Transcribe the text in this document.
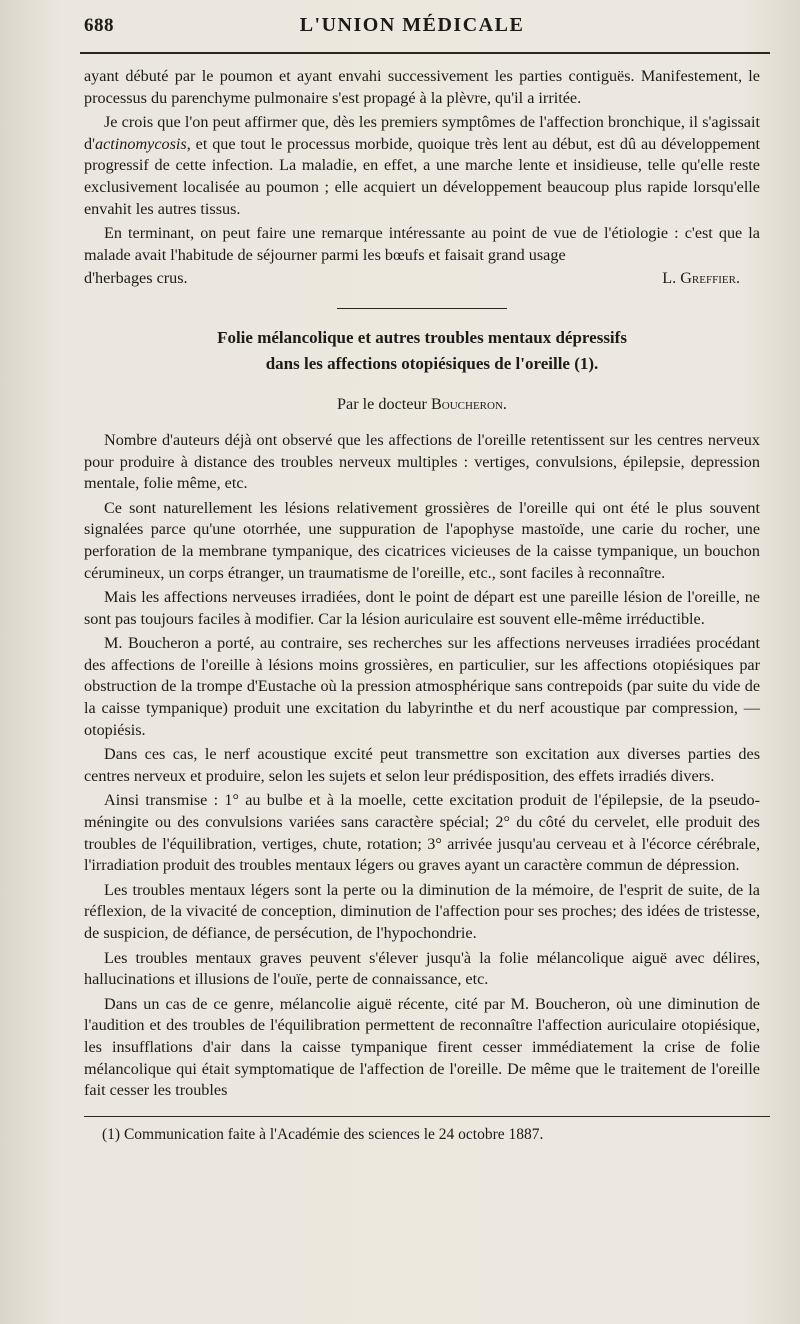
688	L'UNION MÉDICALE

ayant débuté par le poumon et ayant envahi successivement les parties contiguës. Manifestement, le processus du parenchyme pulmonaire s'est propagé à la plèvre, qu'il a irritée.

Je crois que l'on peut affirmer que, dès les premiers symptômes de l'affection bronchique, il s'agissait d'actinomycosis, et que tout le processus morbide, quoique très lent au début, est dû au développement progressif de cette infection. La maladie, en effet, a une marche lente et insidieuse, telle qu'elle reste exclusivement localisée au poumon ; elle acquiert un développement beaucoup plus rapide lorsqu'elle envahit les autres tissus.

En terminant, on peut faire une remarque intéressante au point de vue de l'étiologie : c'est que la malade avait l'habitude de séjourner parmi les bœufs et faisait grand usage

d'herbages crus.	L. Greffier.
Folie mélancolique et autres troubles mentaux dépressifs
dans les affections otopiésiques de l'oreille (1).
Par le docteur Boucheron.

Nombre d'auteurs déjà ont observé que les affections de l'oreille retentissent sur les centres nerveux pour produire à distance des troubles nerveux multiples : vertiges, convulsions, épilepsie, depression mentale, folie même, etc.

Ce sont naturellement les lésions relativement grossières de l'oreille qui ont été le plus souvent signalées parce qu'une otorrhée, une suppuration de l'apophyse mastoïde, une carie du rocher, une perforation de la membrane tympanique, des cicatrices vicieuses de la caisse tympanique, un bouchon cérumineux, un corps étranger, un traumatisme de l'oreille, etc., sont faciles à reconnaître.

Mais les affections nerveuses irradiées, dont le point de départ est une pareille lésion de l'oreille, ne sont pas toujours faciles à modifier. Car la lésion auriculaire est souvent elle-même irréductible.

M. Boucheron a porté, au contraire, ses recherches sur les affections nerveuses irradiées procédant des affections de l'oreille à lésions moins grossières, en particulier, sur les affections otopiésiques par obstruction de la trompe d'Eustache où la pression atmosphérique sans contrepoids (par suite du vide de la caisse tympanique) produit une excitation du labyrinthe et du nerf acoustique par compression, — otopiésis.

Dans ces cas, le nerf acoustique excité peut transmettre son excitation aux diverses parties des centres nerveux et produire, selon les sujets et selon leur prédisposition, des effets irradiés divers.

Ainsi transmise : 1° au bulbe et à la moelle, cette excitation produit de l'épilepsie, de la pseudo-méningite ou des convulsions variées sans caractère spécial; 2° du côté du cervelet, elle produit des troubles de l'équilibration, vertiges, chute, rotation; 3° arrivée jusqu'au cerveau et à l'écorce cérébrale, l'irradiation produit des troubles mentaux légers ou graves ayant un caractère commun de dépression.

Les troubles mentaux légers sont la perte ou la diminution de la mémoire, de l'esprit de suite, de la réflexion, de la vivacité de conception, diminution de l'affection pour ses proches; des idées de tristesse, de suspicion, de défiance, de persécution, de l'hypochondrie.

Les troubles mentaux graves peuvent s'élever jusqu'à la folie mélancolique aiguë avec délires, hallucinations et illusions de l'ouïe, perte de connaissance, etc.

Dans un cas de ce genre, mélancolie aiguë récente, cité par M. Boucheron, où une diminution de l'audition et des troubles de l'équilibration permettent de reconnaître l'affection auriculaire otopiésique, les insufflations d'air dans la caisse tympanique firent cesser immédiatement la crise de folie mélancolique qui était symptomatique de l'affection de l'oreille. De même que le traitement de l'oreille fait cesser les troubles

(1) Communication faite à l'Académie des sciences le 24 octobre 1887.
